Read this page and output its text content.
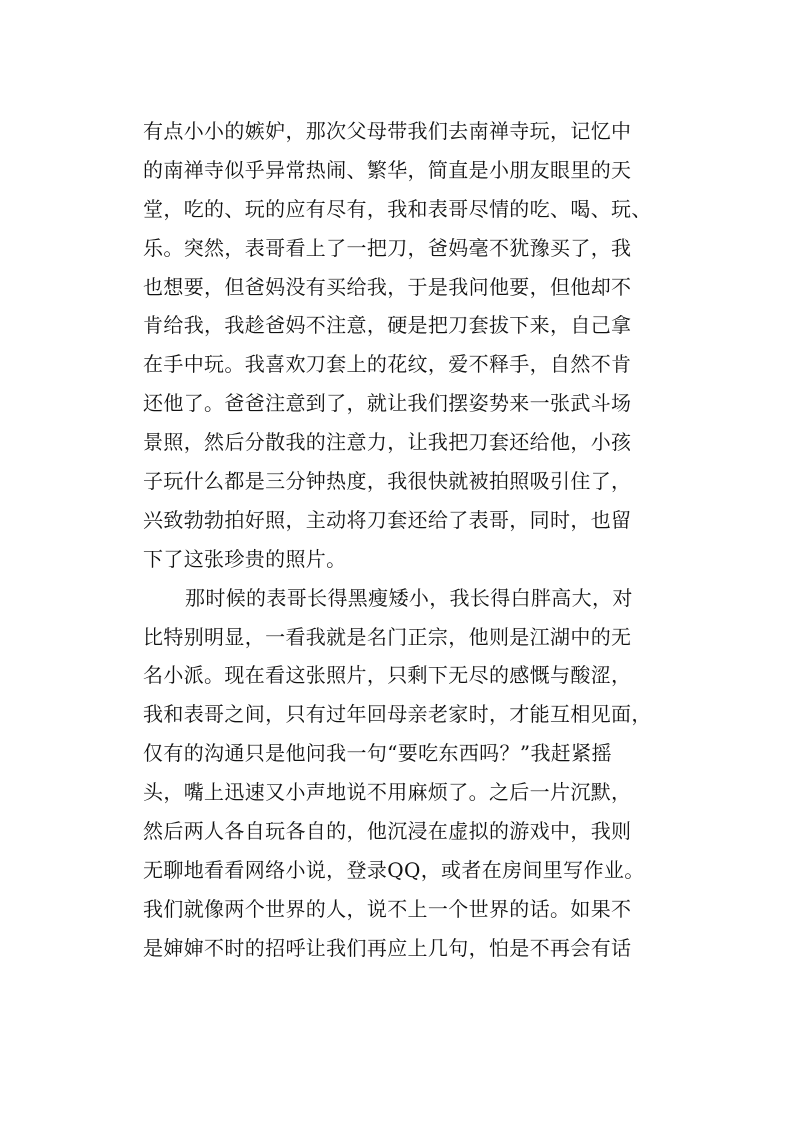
有点小小的嫉妒，那次父母带我们去南禅寺玩，记忆中
的南禅寺似乎异常热闹、繁华，简直是小朋友眼里的天
堂，吃的、玩的应有尽有，我和表哥尽情的吃、喝、玩、
乐。突然，表哥看上了一把刀，爸妈毫不犹豫买了，我
也想要，但爸妈没有买给我，于是我问他要，但他却不
肯给我，我趁爸妈不注意，硬是把刀套拔下来，自己拿
在手中玩。我喜欢刀套上的花纹，爱不释手，自然不肯
还他了。爸爸注意到了，就让我们摆姿势来一张武斗场
景照，然后分散我的注意力，让我把刀套还给他，小孩
子玩什么都是三分钟热度，我很快就被拍照吸引住了，
兴致勃勃拍好照，主动将刀套还给了表哥，同时，也留
下了这张珍贵的照片。
那时候的表哥长得黑瘦矮小，我长得白胖高大，对
比特别明显，一看我就是名门正宗，他则是江湖中的无
名小派。现在看这张照片，只剩下无尽的感慨与酸涩，
我和表哥之间，只有过年回母亲老家时，才能互相见面，
仅有的沟通只是他问我一句“要吃东西吗？”我赶紧摇
头，嘴上迅速又小声地说不用麻烦了。之后一片沉默，
然后两人各自玩各自的，他沉浸在虚拟的游戏中，我则
无聊地看看网络小说，登录QQ，或者在房间里写作业。
我们就像两个世界的人，说不上一个世界的话。如果不
是婶婶不时的招呼让我们再应上几句，怕是不再会有话
